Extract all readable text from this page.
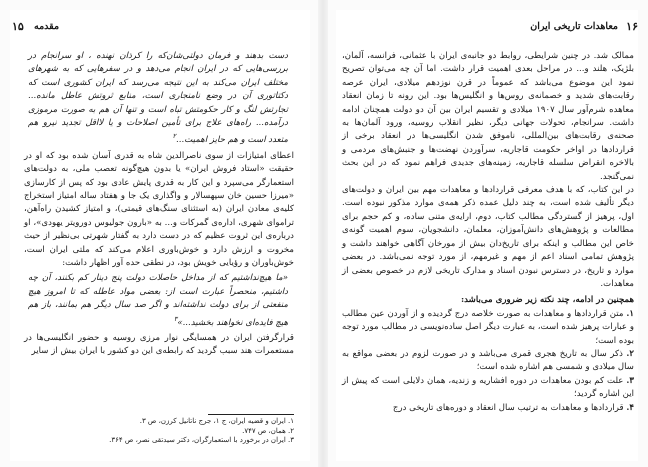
۱۵ مقدمه

دست بدهند و فرمان دولتی‌شان‌که را کرذان نهنده ، او سرانجام در بررسی‌هایی که در ایران انجام می‌دهد و در سفرهایی که به شهرهای مختلف ایران می‌کند به این نتیجه می‌رسد که ایران کشوری است که دکتاتوری آن در وضع نامنجاری است، منابع ثروتش عاطل مانده... تجارتش لنگ و کار حکومتش تباه است و تنها آن هم به صورت مرموزی درآمده... راه‌های علاج برای تأمین اصلاحات و یا لااقل تجدید نیرو هم متعدد است و هم حایز اهمیت...$^۲$

اعطای امتیازات از سوی ناصرالدین شاه به قدری آسان شده بود که او در حقیقت «استاد فروش ایران» یا بدون هیچ‌گونه تعصب ملی، به دولت‌های استعمارگر می‌سپرد و این کار به قدری پایش عادی بود که پس از کارسازی «میرزا حسین خان سپهسالار و واگذاری یک جا و هفتاد ساله امتیاز استخراج کلیه‌ی معادن ایران (به استثنای سنگ‌های قیمتی)، و امتیاز کشیدن راه‌آهن، تراموای شهری، اداره‌ی گمرکات و... به «بارون جولیوس دورویتر یهودی»، او درباره‌ی این ثروت عظیم که در دست دارد به گفتار شهرتی بی‌نظیر از حیث مخروت و ارزش دارد و خوش‌باوری اعلام می‌کند که ملتی ایران است، خوش‌باوران و رؤیایی خویش بود، در نطقی حده آور اظهار داشت:

«ما هیچ‌نداشتیم که از مداخل حاصلات دولت پنج دینار کم بکنند، آن چه داشتیم، منحصراً عبارت است از: بعضی مواد عاطله که تا امروز هیچ منفعتی از برای دولت نداشته‌اند و اگر صد سال دیگر هم بمانند، باز هم هیچ فایده‌ای نخواهند بخشید...»$^۳$

قرارگرفتن ایران در همسایگی نوار مرزی روسیه و حضور انگلیسی‌ها در مستعمرات هند سبب گردید که رابطه‌ی این دو کشور با ایران بیش از سایر

۱. ایران و قضیه ایران، ج ۱، جرج ناتانیل کرزن، ص ۳.
۲. همان، ص ۷۴۷.
۳. ایران در برخورد با استعمارگران، دکتر سیدتقی نصر، ص ۳۶۴.
۱۶
معاهدات تاریخی ایران

ممالک شد. در چنین شرایطی، روابط دو جانبه‌ی ایران با عثمانی، فرانسه، آلمان، بلژیک، هلند و... در مراحل بعدی اهمیت قرار داشت. اما آن چه می‌توان تصریح نمود این موضوع می‌باشد که عموماً در قرن نوزدهم میلادی، ایران عرصه رقابت‌های شدید و خصمانه‌ی روس‌ها و انگلیس‌ها بود. این رونه تا زمان انعقاد معاهده شرم‌آور سال ۱۹۰۷ میلادی و تقسیم ایران بین آن دو دولت همچنان ادامه داشت. سرانجام، تحولات جهانی دیگر، نظیر انقلاب روسیه، ورود آلمان‌ها به صحنه‌ی رقابت‌های بین‌المللی، ناموفق شدن انگلیسی‌ها در انعقاد برخی از قراردادها در اواخر حکومت قاجاریه، سرآوردن نهضت‌ها و جنبش‌های مردمی و بالاخره انقراض سلسله قاجاریه، زمینه‌های جدیدی فراهم نمود که در این بحث نمی‌گنجد.

در این کتاب، که با هدف معرفی قراردادها و معاهدات مهم بین ایران و دولت‌های دیگر تألیف شده است، به چند دلیل عمده ذکر همه‌ی موارد مذکور نبوده است. اول، پرهیز از گستردگی مطالب کتاب، دوم، ارایه‌ی متنی ساده، و کم حجم برای مطالعات و پژوهش‌های دانش‌آموزان، معلمان، دانشجویان، سوم اهمیت گونه‌ی خاص این مطالب و اینکه برای تاریخ‌دان بیش از مورخان آگاهی خواهند داشت و پژوهش تمامی اسناد اعم از مهم و غیرمهم، از مورد توجه نمی‌باشد. در بعضی موارد و تاریخ، در دسترس نبودن اسناد و مدارک تاریخی لازم در خصوص بعضی از معاهدات.

همچنین در ادامه، چند نکته زیر ضروری می‌باشد:

۱. متن قراردادها و معاهدات به صورت خلاصه درج گردیده و از آوردن عین مطالب و عبارات پرهیز شده است، به عبارت دیگر اصل ساده‌نویسی در مطالب مورد توجه بوده است؛
۲. ذکر سال به تاریخ هجری قمری می‌باشد و در صورت لزوم در بعضی مواقع به سال میلادی و شمسی هم اشاره شده است؛
۳. علت کم بودن معاهدات در دوره افشاریه و زندیه، همان دلایلی است که پیش از این اشاره گردید؛
۴. قراردادها و معاهدات به ترتیب سال انعقاد و دوره‌های تاریخی درج
